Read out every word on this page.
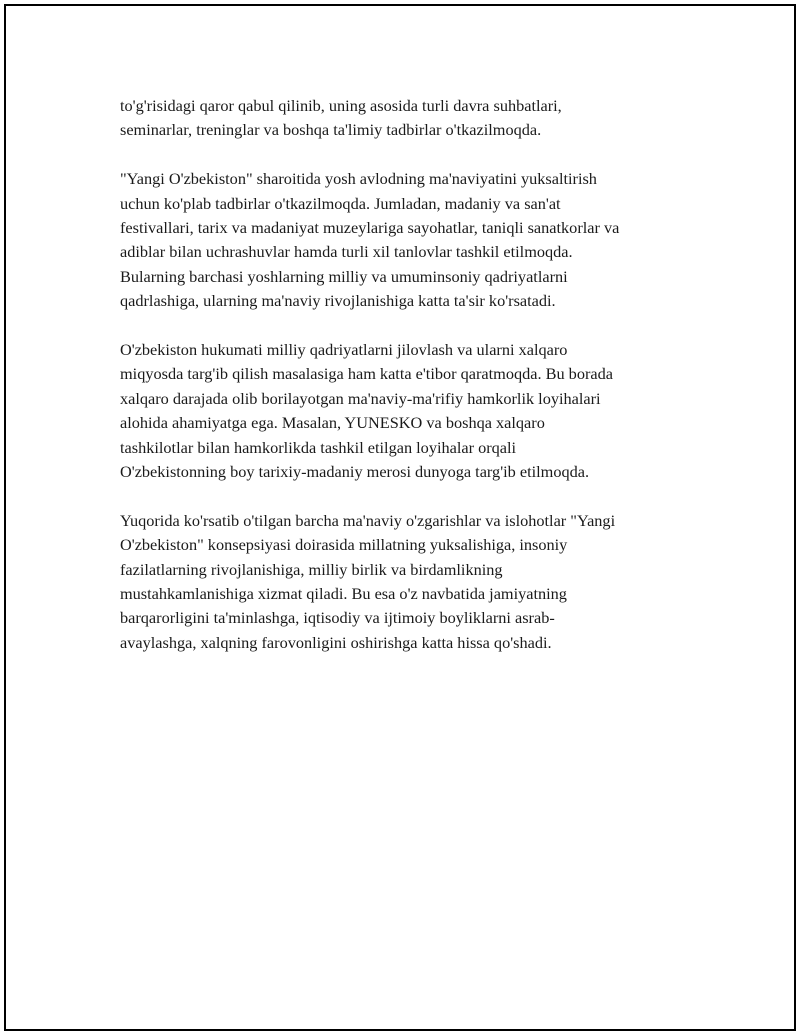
to'g'risidagi qaror qabul qilinib, uning asosida turli davra suhbatlari,
seminarlar, treninglar va boshqa ta'limiy tadbirlar o'tkazilmoqda.

"Yangi O'zbekiston" sharoitida yosh avlodning ma'naviyatini yuksaltirish
uchun ko'plab tadbirlar o'tkazilmoqda. Jumladan, madaniy va san'at
festivallari, tarix va madaniyat muzeylariga sayohatlar, taniqli sanatkorlar va
adiblar bilan uchrashuvlar hamda turli xil tanlovlar tashkil etilmoqda.
Bularning barchasi yoshlarning milliy va umuminsoniy qadriyatlarni
qadrlashiga, ularning ma'naviy rivojlanishiga katta ta'sir ko'rsatadi.

O'zbekiston hukumati milliy qadriyatlarni jilovlash va ularni xalqaro
miqyosda targ'ib qilish masalasiga ham katta e'tibor qaratmoqda. Bu borada
xalqaro darajada olib borilayotgan ma'naviy-ma'rifiy hamkorlik loyihalari
alohida ahamiyatga ega. Masalan, YUNESKO va boshqa xalqaro
tashkilotlar bilan hamkorlikda tashkil etilgan loyihalar orqali
O'zbekistonning boy tarixiy-madaniy merosi dunyoga targ'ib etilmoqda.

Yuqorida ko'rsatib o'tilgan barcha ma'naviy o'zgarishlar va islohotlar "Yangi
O'zbekiston" konsepsiyasi doirasida millatning yuksalishiga, insoniy
fazilatlarning rivojlanishiga, milliy birlik va birdamlikning
mustahkamlanishiga xizmat qiladi. Bu esa o'z navbatida jamiyatning
barqarorligini ta'minlashga, iqtisodiy va ijtimoiy boyliklarni asrab-
avaylashga, xalqning farovonligini oshirishga katta hissa qo'shadi.
